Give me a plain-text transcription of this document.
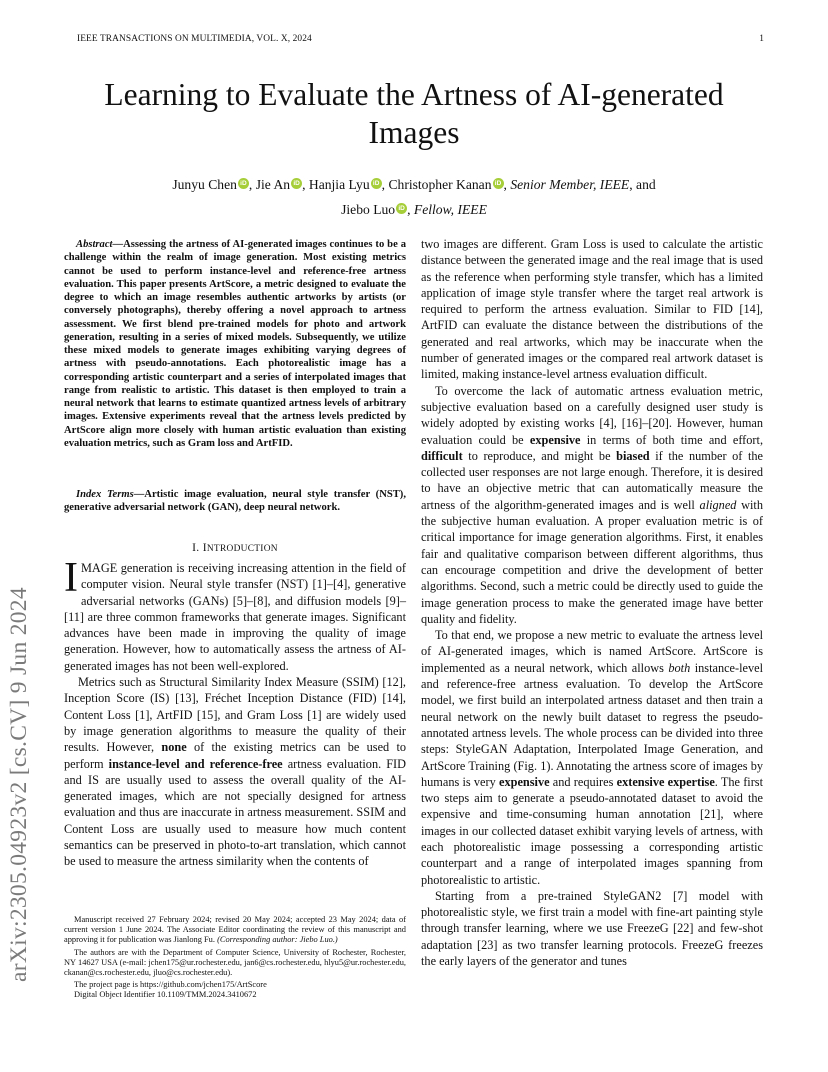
IEEE TRANSACTIONS ON MULTIMEDIA, VOL. X, 2024	1
arXiv:2305.04923v2 [cs.CV] 9 Jun 2024
Learning to Evaluate the Artness of AI-generated
Images
Junyu Chen iD , Jie An iD , Hanjia Lyu iD , Christopher Kanan iD , Senior Member, IEEE, and
Jiebo Luo iD , Fellow, IEEE

Abstract—Assessing the artness of AI-generated images continues to be a challenge within the realm of image generation. Most existing metrics cannot be used to perform instance-level and reference-free artness evaluation. This paper presents ArtScore, a metric designed to evaluate the degree to which an image resembles authentic artworks by artists (or conversely photographs), thereby offering a novel approach to artness assessment. We first blend pre-trained models for photo and artwork generation, resulting in a series of mixed models. Subsequently, we utilize these mixed models to generate images exhibiting varying degrees of artness with pseudo-annotations. Each photorealistic image has a corresponding artistic counterpart and a series of interpolated images that range from realistic to artistic. This dataset is then employed to train a neural network that learns to estimate quantized artness levels of arbitrary images. Extensive experiments reveal that the artness levels predicted by ArtScore align more closely with human artistic evaluation than existing evaluation metrics, such as Gram loss and ArtFID.

Index Terms—Artistic image evaluation, neural style transfer (NST), generative adversarial network (GAN), deep neural network.

I. INTRODUCTION

IMAGE generation is receiving increasing attention in the field of computer vision. Neural style transfer (NST) [1]–[4], generative adversarial networks (GANs) [5]–[8], and diffusion models [9]–[11] are three common frameworks that generate images. Significant advances have been made in improving the quality of image generation. However, how to automatically assess the artness of AI-generated images has not been well-explored.

Metrics such as Structural Similarity Index Measure (SSIM) [12], Inception Score (IS) [13], Fréchet Inception Distance (FID) [14], Content Loss [1], ArtFID [15], and Gram Loss [1] are widely used by image generation algorithms to measure the quality of their results. However, none of the existing metrics can be used to perform instance-level and reference-free artness evaluation. FID and IS are usually used to assess the overall quality of the AI-generated images, which are not specially designed for artness evaluation and thus are inaccurate in artness measurement. SSIM and Content Loss are usually used to measure how much content semantics can be preserved in photo-to-art translation, which cannot be used to measure the artness similarity when the contents of

Manuscript received 27 February 2024; revised 20 May 2024; accepted 23 May 2024; data of current version 1 June 2024. The Associate Editor coordinating the review of this manuscript and approving it for publication was Jianlong Fu. (Corresponding author: Jiebo Luo.)

The authors are with the Department of Computer Science, University of Rochester, Rochester, NY 14627 USA (e-mail: jchen175@ur.rochester.edu, jan6@cs.rochester.edu, hlyu5@ur.rochester.edu, ckanan@cs.rochester.edu, jluo@cs.rochester.edu).

The project page is https://github.com/jchen175/ArtScore

Digital Object Identifier 10.1109/TMM.2024.3410672

two images are different. Gram Loss is used to calculate the artistic distance between the generated image and the real image that is used as the reference when performing style transfer, which has a limited application of image style transfer where the target real artwork is required to perform the artness evaluation. Similar to FID [14], ArtFID can evaluate the distance between the distributions of the generated and real artworks, which may be inaccurate when the number of generated images or the compared real artwork dataset is limited, making instance-level artness evaluation difficult.

To overcome the lack of automatic artness evaluation metric, subjective evaluation based on a carefully designed user study is widely adopted by existing works [4], [16]–[20]. However, human evaluation could be expensive in terms of both time and effort, difficult to reproduce, and might be biased if the number of the collected user responses are not large enough. Therefore, it is desired to have an objective metric that can automatically measure the artness of the algorithm-generated images and is well aligned with the subjective human evaluation. A proper evaluation metric is of critical importance for image generation algorithms. First, it enables fair and qualitative comparison between different algorithms, thus can encourage competition and drive the development of better algorithms. Second, such a metric could be directly used to guide the image generation process to make the generated image have better quality and fidelity.

To that end, we propose a new metric to evaluate the artness level of AI-generated images, which is named ArtScore. ArtScore is implemented as a neural network, which allows both instance-level and reference-free artness evaluation. To develop the ArtScore model, we first build an interpolated artness dataset and then train a neural network on the newly built dataset to regress the pseudo-annotated artness levels. The whole process can be divided into three steps: StyleGAN Adaptation, Interpolated Image Generation, and ArtScore Training (Fig. 1). Annotating the artness score of images by humans is very expensive and requires extensive expertise. The first two steps aim to generate a pseudo-annotated dataset to avoid the expensive and time-consuming human annotation [21], where images in our collected dataset exhibit varying levels of artness, with each photorealistic image possessing a corresponding artistic counterpart and a range of interpolated images spanning from photorealistic to artistic.

Starting from a pre-trained StyleGAN2 [7] model with photorealistic style, we first train a model with fine-art painting style through transfer learning, where we use FreezeG [22] and few-shot adaptation [23] as two transfer learning protocols. FreezeG freezes the early layers of the generator and tunes
